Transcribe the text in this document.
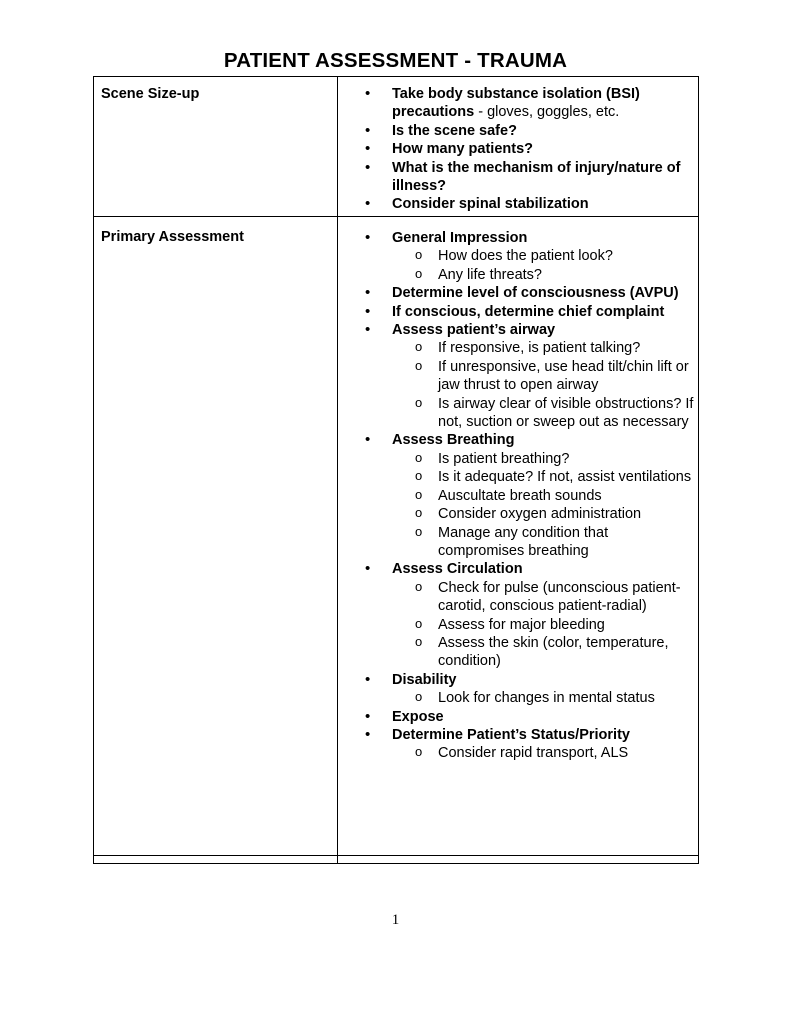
PATIENT ASSESSMENT - TRAUMA
Scene Size-up
Primary Assessment
• Take body substance isolation (BSI) precautions - gloves, goggles, etc.
• Is the scene safe?
• How many patients?
• What is the mechanism of injury/nature of illness?
• Consider spinal stabilization
• General Impression
o How does the patient look?
o Any life threats?
• Determine level of consciousness (AVPU)
• If conscious, determine chief complaint
• Assess patient’s airway
o If responsive, is patient talking?
o If unresponsive, use head tilt/chin lift or jaw thrust to open airway
o Is airway clear of visible obstructions? If not, suction or sweep out as necessary
• Assess Breathing
o Is patient breathing?
o Is it adequate? If not, assist ventilations
o Auscultate breath sounds
o Consider oxygen administration
o Manage any condition that compromises breathing
• Assess Circulation
o Check for pulse (unconscious patient-carotid, conscious patient-radial)
o Assess for major bleeding
o Assess the skin (color, temperature, condition)
• Disability
o Look for changes in mental status
• Expose
• Determine Patient’s Status/Priority
o Consider rapid transport, ALS
1
